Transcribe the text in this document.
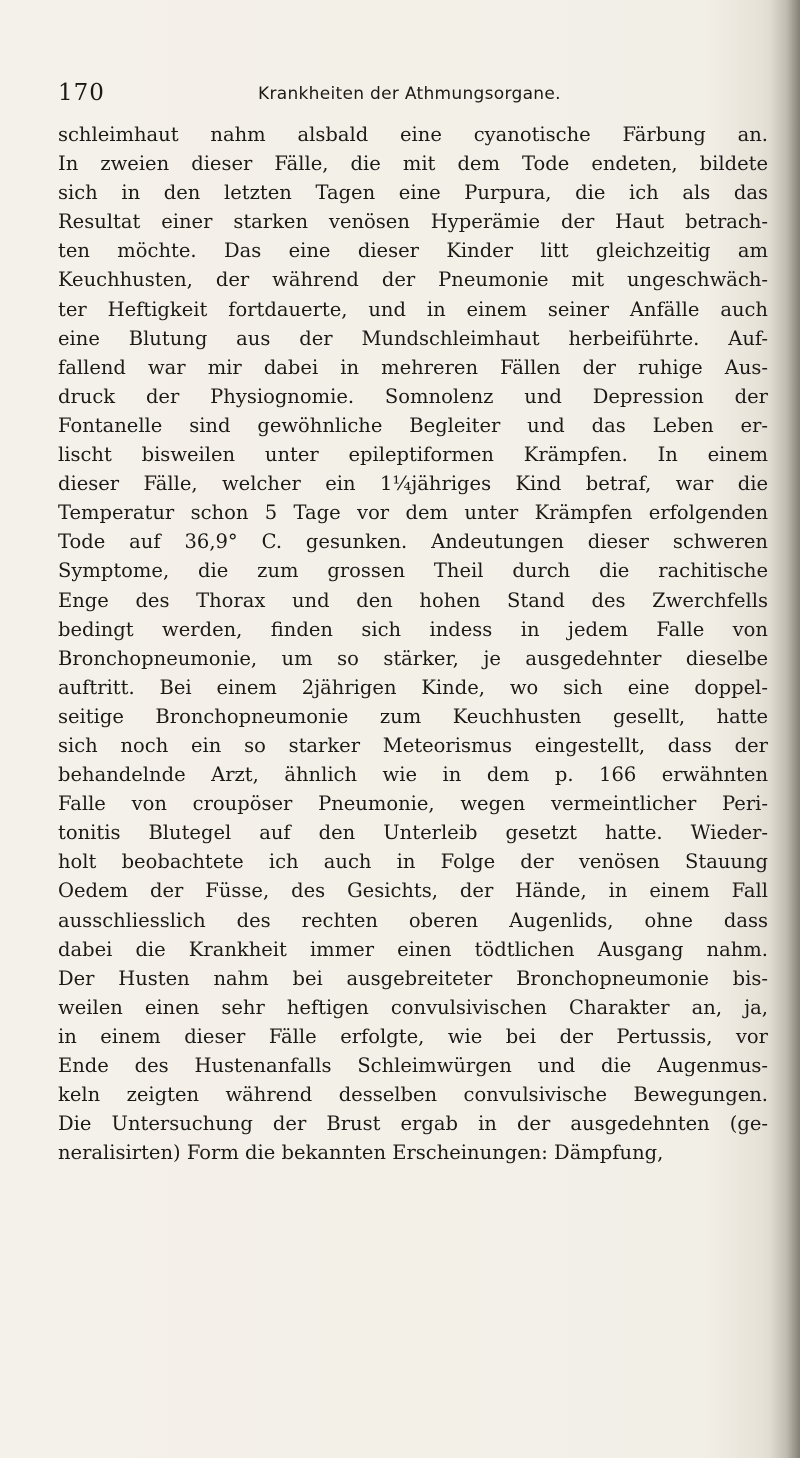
170	Krankheiten der Athmungsorgane.
schleimhaut nahm alsbald eine cyanotische Färbung an.
In zweien dieser Fälle, die mit dem Tode endeten, bildete
sich in den letzten Tagen eine Purpura, die ich als das
Resultat einer starken venösen Hyperämie der Haut betrach-
ten möchte. Das eine dieser Kinder litt gleichzeitig am
Keuchhusten, der während der Pneumonie mit ungeschwäch-
ter Heftigkeit fortdauerte, und in einem seiner Anfälle auch
eine Blutung aus der Mundschleimhaut herbeiführte. Auf-
fallend war mir dabei in mehreren Fällen der ruhige Aus-
druck der Physiognomie. Somnolenz und Depression der
Fontanelle sind gewöhnliche Begleiter und das Leben er-
lischt bisweilen unter epileptiformen Krämpfen. In einem
dieser Fälle, welcher ein 1¼jähriges Kind betraf, war die
Temperatur schon 5 Tage vor dem unter Krämpfen erfolgenden
Tode auf 36,9° C. gesunken. Andeutungen dieser schweren
Symptome, die zum grossen Theil durch die rachitische
Enge des Thorax und den hohen Stand des Zwerchfells
bedingt werden, finden sich indess in jedem Falle von
Bronchopneumonie, um so stärker, je ausgedehnter dieselbe
auftritt. Bei einem 2jährigen Kinde, wo sich eine doppel-
seitige Bronchopneumonie zum Keuchhusten gesellt, hatte
sich noch ein so starker Meteorismus eingestellt, dass der
behandelnde Arzt, ähnlich wie in dem p. 166 erwähnten
Falle von croupöser Pneumonie, wegen vermeintlicher Peri-
tonitis Blutegel auf den Unterleib gesetzt hatte. Wieder-
holt beobachtete ich auch in Folge der venösen Stauung
Oedem der Füsse, des Gesichts, der Hände, in einem Fall
ausschliesslich des rechten oberen Augenlids, ohne dass
dabei die Krankheit immer einen tödtlichen Ausgang nahm.
Der Husten nahm bei ausgebreiteter Bronchopneumonie bis-
weilen einen sehr heftigen convulsivischen Charakter an, ja,
in einem dieser Fälle erfolgte, wie bei der Pertussis, vor
Ende des Hustenanfalls Schleimwürgen und die Augenmus-
keln zeigten während desselben convulsivische Bewegungen.
Die Untersuchung der Brust ergab in der ausgedehnten (ge-
neralisirten) Form die bekannten Erscheinungen: Dämpfung,
